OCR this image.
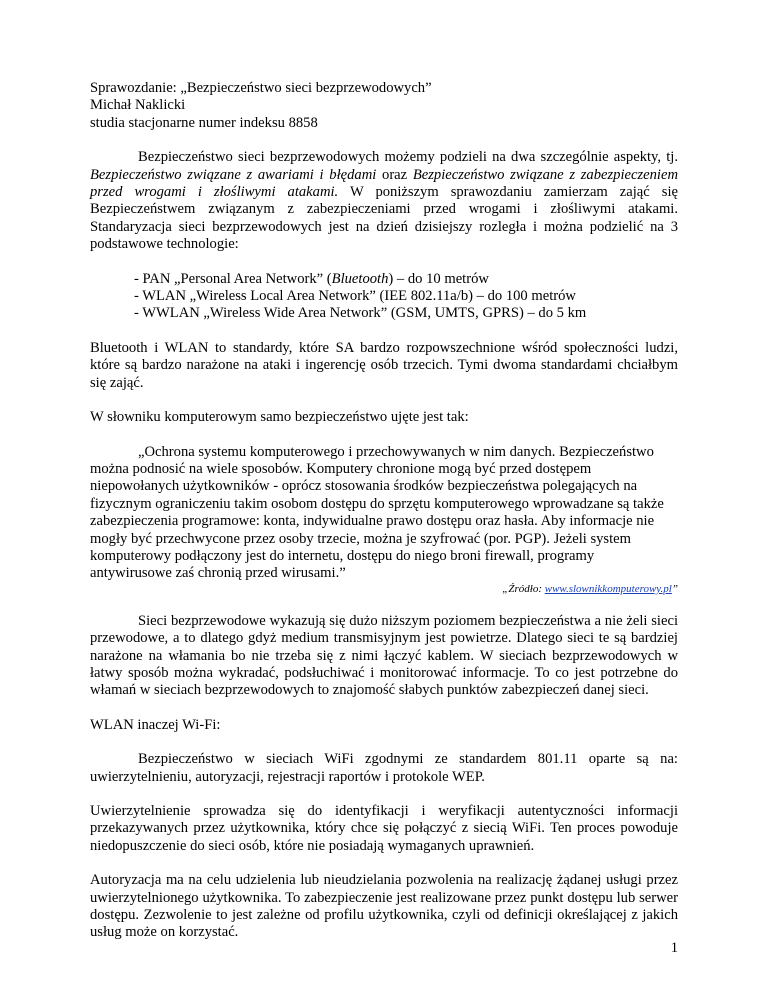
Sprawozdanie: „Bezpieczeństwo sieci bezprzewodowych”

Michał Naklicki

studia stacjonarne numer indeksu 8858

Bezpieczeństwo sieci bezprzewodowych możemy podzieli na dwa szczególnie aspekty, tj. Bezpieczeństwo związane z awariami i błędami oraz Bezpieczeństwo związane z zabezpieczeniem przed wrogami i złośliwymi atakami. W poniższym sprawozdaniu zamierzam zająć się Bezpieczeństwem związanym z zabezpieczeniami przed wrogami i złośliwymi atakami. Standaryzacja sieci bezprzewodowych jest na dzień dzisiejszy rozległa i można podzielić na 3 podstawowe technologie:

- PAN „Personal Area Network” (Bluetooth) – do 10 metrów

- WLAN „Wireless Local Area Network” (IEE 802.11a/b) – do 100 metrów

- WWLAN „Wireless Wide Area Network” (GSM, UMTS, GPRS) – do 5 km

Bluetooth i WLAN to standardy, które SA bardzo rozpowszechnione wśród społeczności ludzi, które są bardzo narażone na ataki i ingerencję osób trzecich. Tymi dwoma standardami chciałbym się zająć.

W słowniku komputerowym samo bezpieczeństwo ujęte jest tak:

„Ochrona systemu komputerowego i przechowywanych w nim danych. Bezpieczeństwo można podnosić na wiele sposobów. Komputery chronione mogą być przed dostępem niepowołanych użytkowników - oprócz stosowania środków bezpieczeństwa polegających na fizycznym ograniczeniu takim osobom dostępu do sprzętu komputerowego wprowadzane są także zabezpieczenia programowe: konta, indywidualne prawo dostępu oraz hasła. Aby informacje nie mogły być przechwycone przez osoby trzecie, można je szyfrować (por. PGP). Jeżeli system komputerowy podłączony jest do internetu, dostępu do niego broni firewall, programy antywirusowe zaś chronią przed wirusami.”

„Źródło: www.slownikkomputerowy.pl”

Sieci bezprzewodowe wykazują się dużo niższym poziomem bezpieczeństwa a nie żeli sieci przewodowe, a to dlatego gdyż medium transmisyjnym jest powietrze. Dlatego sieci te są bardziej narażone na włamania bo nie trzeba się z nimi łączyć kablem. W sieciach bezprzewodowych w łatwy sposób można wykradać, podsłuchiwać i monitorować informacje. To co jest potrzebne do włamań w sieciach bezprzewodowych to znajomość słabych punktów zabezpieczeń danej sieci.

WLAN inaczej Wi-Fi:

Bezpieczeństwo w sieciach WiFi zgodnymi ze standardem 801.11 oparte są na: uwierzytelnieniu, autoryzacji, rejestracji raportów i protokole WEP.

Uwierzytelnienie sprowadza się do identyfikacji i weryfikacji autentyczności informacji przekazywanych przez użytkownika, który chce się połączyć z siecią WiFi. Ten proces powoduje niedopuszczenie do sieci osób, które nie posiadają wymaganych uprawnień.

Autoryzacja ma na celu udzielenia lub nieudzielania pozwolenia na realizację żądanej usługi przez uwierzytelnionego użytkownika. To zabezpieczenie jest realizowane przez punkt dostępu lub serwer dostępu. Zezwolenie to jest zależne od profilu użytkownika, czyli od definicji określającej z jakich usług może on korzystać.

1
